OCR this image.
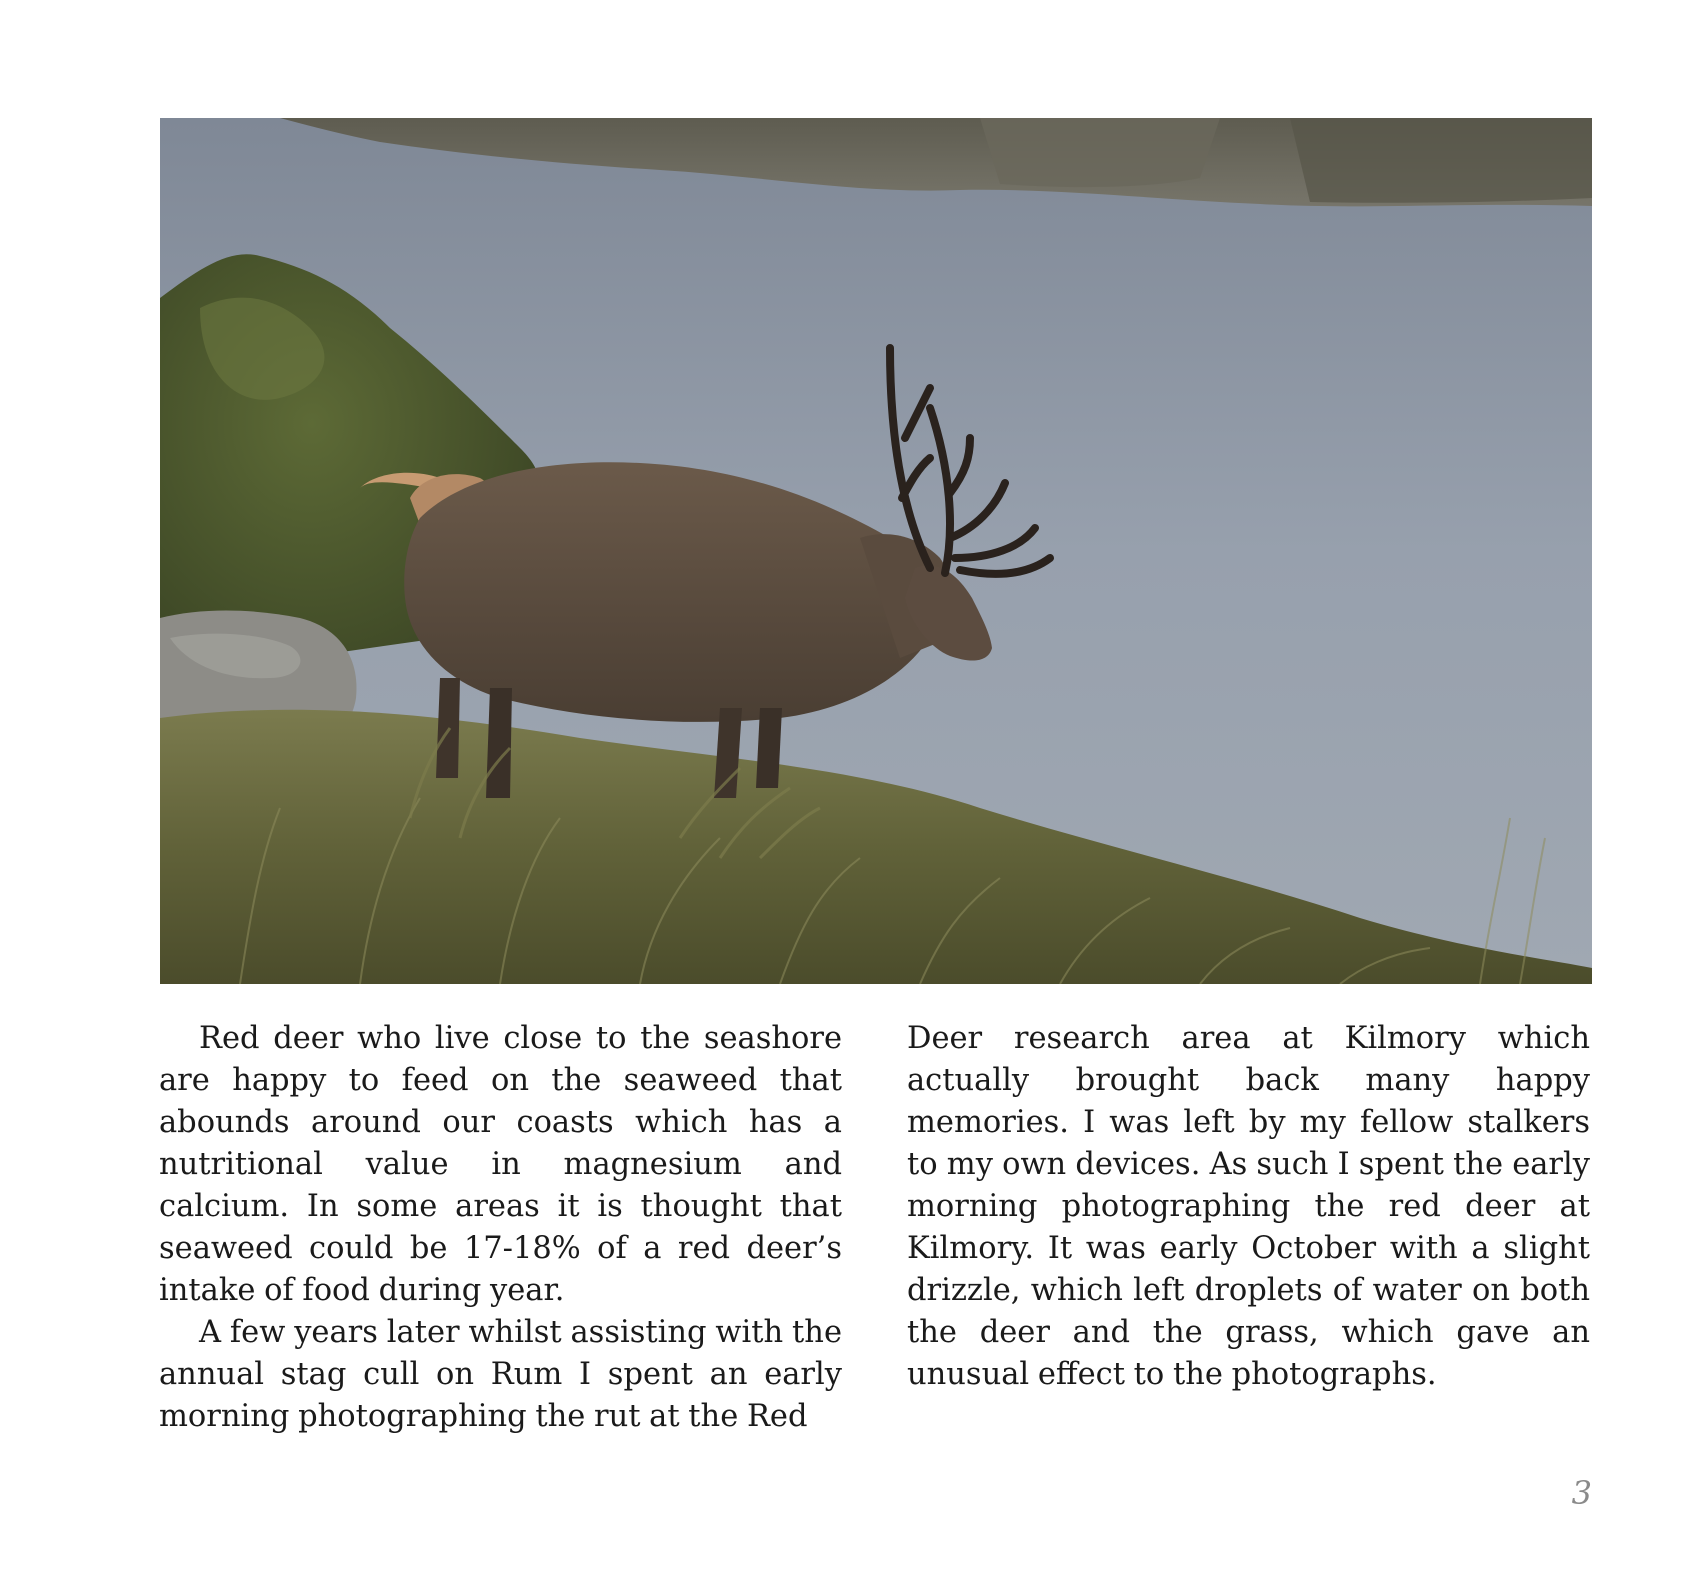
Red deer who live close to the seashore are happy to feed on the seaweed that abounds around our coasts which has a nutritional value in magnesium and calcium. In some areas it is thought that seaweed could be 17-18% of a red deer’s intake of food during year.

A few years later whilst assisting with the annual stag cull on Rum I spent an early morning photographing the rut at the Red

Deer research area at Kilmory which actually brought back many happy memories. I was left by my fellow stalkers to my own devices. As such I spent the early morning photographing the red deer at Kilmory. It was early October with a slight drizzle, which left droplets of water on both the deer and the grass, which gave an unusual effect to the photographs.

3
